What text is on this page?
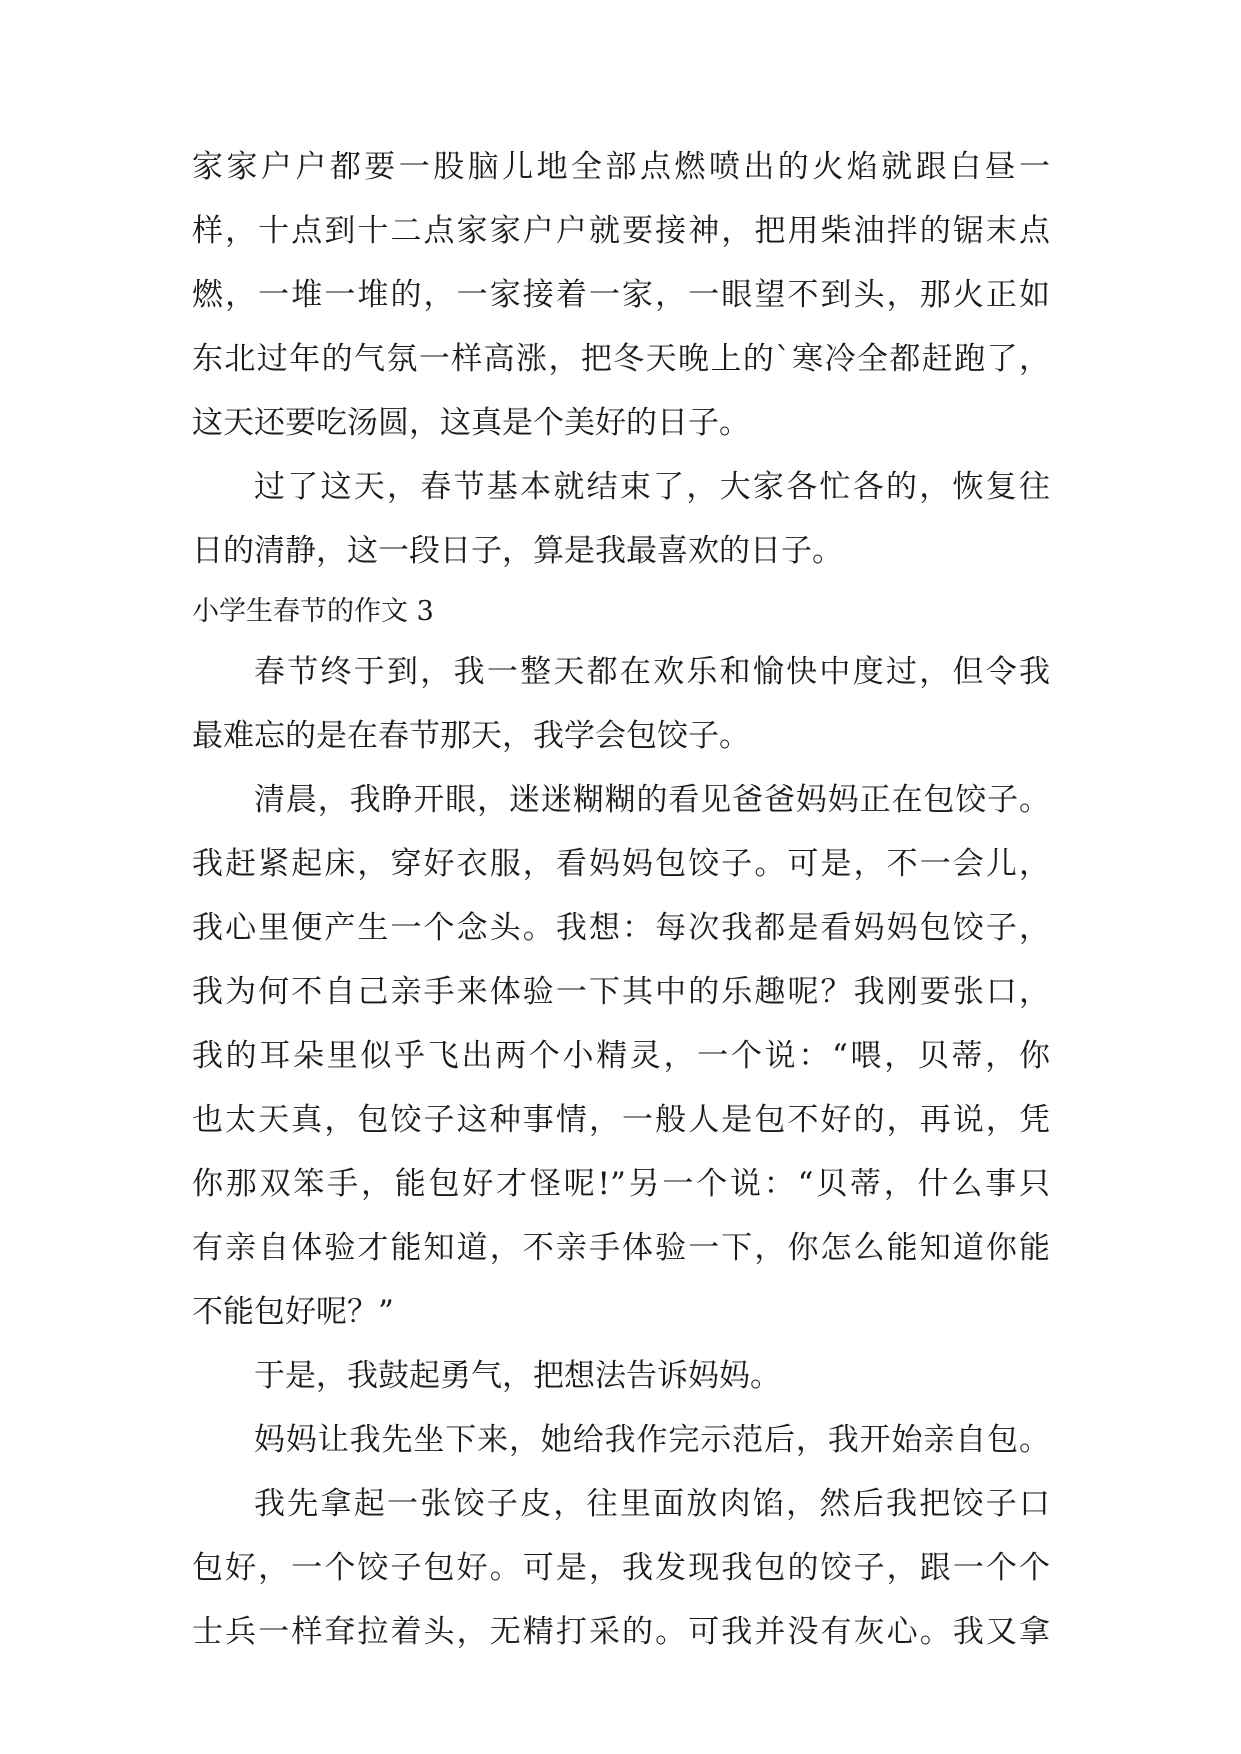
家家户户都要一股脑儿地全部点燃喷出的火焰就跟白昼一
样，十点到十二点家家户户就要接神，把用柴油拌的锯末点
燃，一堆一堆的，一家接着一家，一眼望不到头，那火正如
东北过年的气氛一样高涨，把冬天晚上的`寒冷全都赶跑了，
这天还要吃汤圆，这真是个美好的日子。
过了这天，春节基本就结束了，大家各忙各的，恢复往
日的清静，这一段日子，算是我最喜欢的日子。
小学生春节的作文 3
春节终于到，我一整天都在欢乐和愉快中度过，但令我
最难忘的是在春节那天，我学会包饺子。
清晨，我睁开眼，迷迷糊糊的看见爸爸妈妈正在包饺子。
我赶紧起床，穿好衣服，看妈妈包饺子。可是，不一会儿，
我心里便产生一个念头。我想：每次我都是看妈妈包饺子，
我为何不自己亲手来体验一下其中的乐趣呢？我刚要张口，
我的耳朵里似乎飞出两个小精灵，一个说：“喂，贝蒂，你
也太天真，包饺子这种事情，一般人是包不好的，再说，凭
你那双笨手，能包好才怪呢!”另一个说：“贝蒂，什么事只
有亲自体验才能知道，不亲手体验一下，你怎么能知道你能
不能包好呢？”
于是，我鼓起勇气，把想法告诉妈妈。
妈妈让我先坐下来，她给我作完示范后，我开始亲自包。
我先拿起一张饺子皮，往里面放肉馅，然后我把饺子口
包好，一个饺子包好。可是，我发现我包的饺子，跟一个个
士兵一样耷拉着头，无精打采的。可我并没有灰心。我又拿
